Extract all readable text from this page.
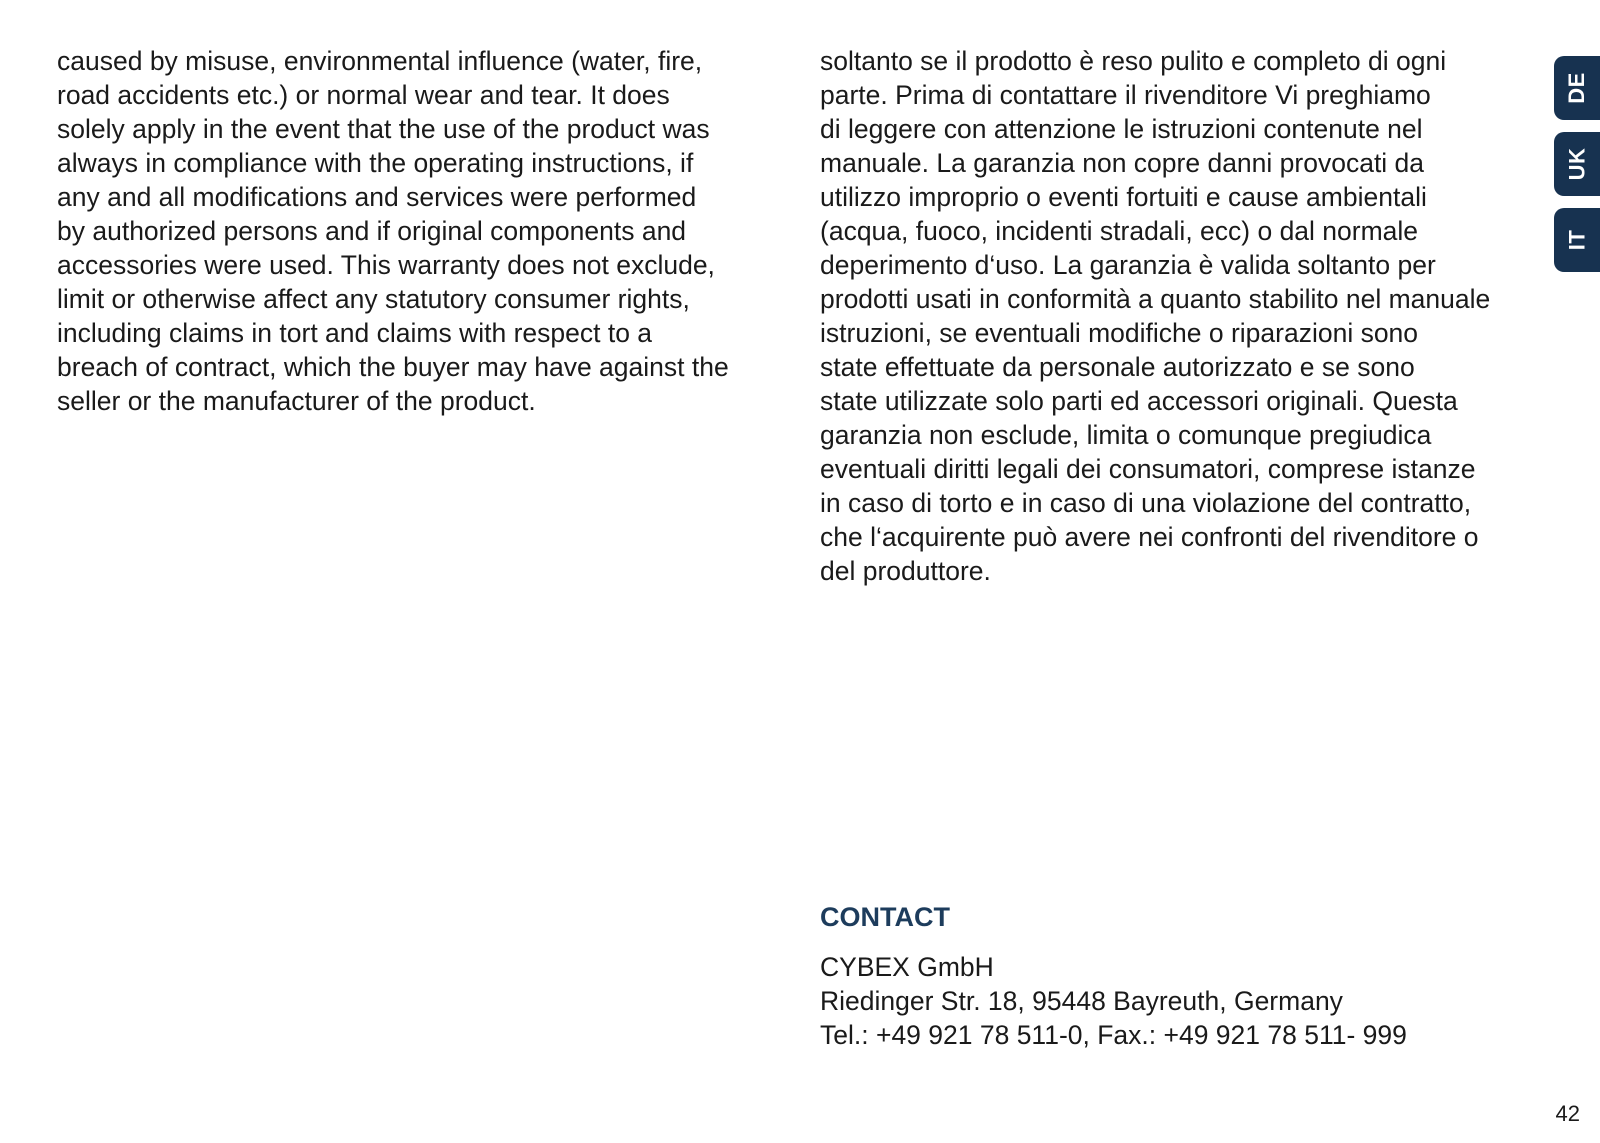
caused by misuse, environmental influence (water, fire,
road accidents etc.) or normal wear and tear. It does
solely apply in the event that the use of the product was
always in compliance with the operating instructions, if
any and all modifications and services were performed
by authorized persons and if original components and
accessories were used. This warranty does not exclude,
limit or otherwise affect any statutory consumer rights,
including claims in tort and claims with respect to a
breach of contract, which the buyer may have against the
seller or the manufacturer of the product.
soltanto se il prodotto è reso pulito e completo di ogni
parte. Prima di contattare il rivenditore Vi preghiamo
di leggere con attenzione le istruzioni contenute nel
manuale. La garanzia non copre danni provocati da
utilizzo improprio o eventi fortuiti e cause ambientali
(acqua, fuoco, incidenti stradali, ecc) o dal normale
deperimento d‘uso. La garanzia è valida soltanto per
prodotti usati in conformità a quanto stabilito nel manuale
istruzioni, se eventuali modifiche o riparazioni sono
state effettuate da personale autorizzato e se sono
state utilizzate solo parti ed accessori originali. Questa
garanzia non esclude, limita o comunque pregiudica
eventuali diritti legali dei consumatori, comprese istanze
in caso di torto e in caso di una violazione del contratto,
che l‘acquirente può avere nei confronti del rivenditore o
del produttore.
CONTACT
CYBEX GmbH
Riedinger Str. 18, 95448 Bayreuth, Germany
Tel.: +49 921 78 511-0, Fax.: +49 921 78 511- 999
DE
UK
IT
42
